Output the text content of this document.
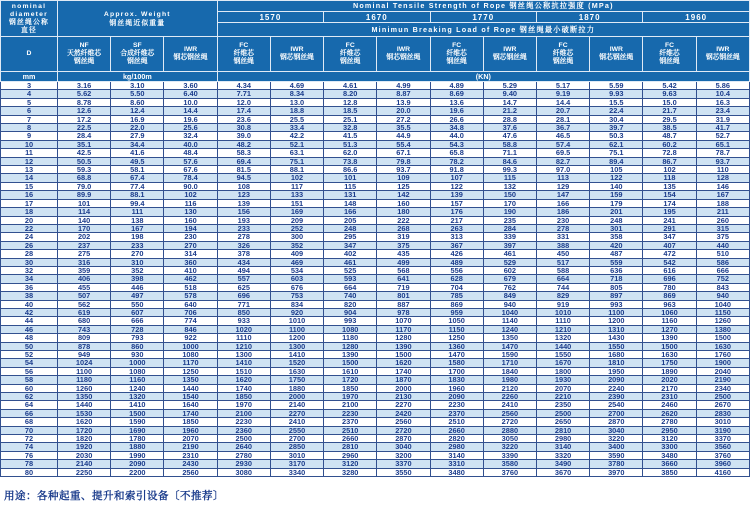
nominal
diameter
钢丝绳公称
直径

Approx. Weight
钢丝绳近似重量
	Nominal Tensile Strength of Rope 钢丝绳公称抗拉强度 (MPa)
				1570		1670		1770		1870		1960	
				Minimun Breaking Load of Rope 钢丝绳最小破断拉力									
D	
NF
天然纤维芯
钢丝绳

SF
合成纤维芯
钢丝绳

IWR
钢芯钢丝绳

FC
纤维芯
钢丝绳

IWR
钢芯钢丝绳

FC
纤维芯
钢丝绳

IWR
钢芯钢丝绳

FC
纤维芯
钢丝绳

IWR
钢芯钢丝绳

FC
纤维芯
钢丝绳

IWR
钢芯钢丝绳

FC
纤维芯
钢丝绳

IWR
钢芯钢丝绳

mm	kg/100m			(KN)									
3	3.16	3.10	3.60	4.34	4.69	4.61	4.99	4.89	5.29	5.17	5.59	5.42	5.86
4	5.62	5.50	6.40	7.71	8.34	8.20	8.87	8.69	9.40	9.19	9.93	9.63	10.4
5	8.78	8.60	10.0	12.0	13.0	12.8	13.9	13.6	14.7	14.4	15.5	15.0	16.3
6	12.6	12.4	14.4	17.4	18.8	18.5	20.0	19.6	21.2	20.7	22.4	21.7	23.4
7	17.2	16.9	19.6	23.6	25.5	25.1	27.2	26.6	28.8	28.1	30.4	29.5	31.9
8	22.5	22.0	25.6	30.8	33.4	32.8	35.5	34.8	37.6	36.7	39.7	38.5	41.7
9	28.4	27.9	32.4	39.0	42.2	41.5	44.9	44.0	47.6	46.5	50.3	48.7	52.7
10	35.1	34.4	40.0	48.2	52.1	51.3	55.4	54.3	58.8	57.4	62.1	60.2	65.1
11	42.5	41.6	48.4	58.3	63.1	62.0	67.1	65.8	71.1	69.5	75.1	72.8	78.7
12	50.5	49.5	57.6	69.4	75.1	73.8	79.8	78.2	84.6	82.7	89.4	86.7	93.7
13	59.3	58.1	67.6	81.5	88.1	86.6	93.7	91.8	99.3	97.0	105	102	110
14	68.8	67.4	78.4	94.5	102	101	109	107	115	113	122	118	128
15	79.0	77.4	90.0	108	117	115	125	122	132	129	140	135	146
16	89.9	88.1	102	123	133	131	142	139	150	147	159	154	167
17	101	99.4	116	139	151	148	160	157	170	166	179	174	188
18	114	111	130	156	169	166	180	176	190	186	201	195	211
20	140	138	160	193	209	205	222	217	235	230	248	241	260
22	170	167	194	233	252	248	268	263	284	278	301	291	315
24	202	198	230	278	300	295	319	313	339	331	358	347	375
26	237	233	270	326	352	347	375	367	397	388	420	407	440
28	275	270	314	378	409	402	435	426	461	450	487	472	510
30	316	310	360	434	469	461	499	489	529	517	559	542	586
32	359	352	410	494	534	525	568	556	602	588	636	616	666
34	406	398	462	557	603	593	641	628	679	664	718	696	752
36	455	446	518	625	676	664	719	704	762	744	805	780	843
38	507	497	578	696	753	740	801	785	849	829	897	869	940
40	562	550	640	771	834	820	887	869	940	919	993	963	1040
42	619	607	706	850	920	904	978	959	1040	1010	1100	1060	1150
44	680	666	774	933	1010	993	1070	1050	1140	1110	1200	1160	1260
46	743	728	846	1020	1100	1080	1170	1150	1240	1210	1310	1270	1380
48	809	793	922	1110	1200	1180	1280	1250	1350	1320	1430	1390	1500
50	878	860	1000	1210	1300	1280	1390	1360	1470	1440	1550	1500	1630
52	949	930	1080	1300	1410	1390	1500	1470	1590	1550	1680	1630	1760
54	1024	1000	1170	1410	1520	1500	1620	1580	1710	1670	1810	1750	1900
56	1100	1080	1250	1510	1630	1610	1740	1700	1840	1800	1950	1890	2040
58	1180	1160	1350	1620	1750	1720	1870	1830	1980	1930	2090	2020	2190
60	1260	1240	1440	1740	1880	1850	2000	1960	2120	2070	2240	2170	2340
62	1350	1320	1540	1850	2000	1970	2130	2090	2260	2210	2390	2310	2500
64	1440	1410	1640	1970	2140	2100	2270	2230	2410	2350	2540	2460	2670
66	1530	1500	1740	2100	2270	2230	2420	2370	2560	2500	2700	2620	2830
68	1620	1590	1850	2230	2410	2370	2560	2510	2720	2650	2870	2780	3010
70	1720	1690	1960	2360	2550	2510	2720	2660	2880	2810	3040	2950	3190
72	1820	1780	2070	2500	2700	2660	2870	2820	3050	2980	3220	3120	3370
74	1920	1880	2190	2640	2850	2810	3040	2980	3220	3140	3400	3300	3560
76	2030	1990	2310	2780	3010	2960	3200	3140	3390	3320	3590	3480	3760
78	2140	2090	2430	2930	3170	3120	3370	3310	3580	3490	3780	3660	3960
80	2250	2200	2560	3080	3340	3280	3550	3480	3760	3670	3970	3850	4160
用途：各种起重、提升和索引设备〔不推荐〕
